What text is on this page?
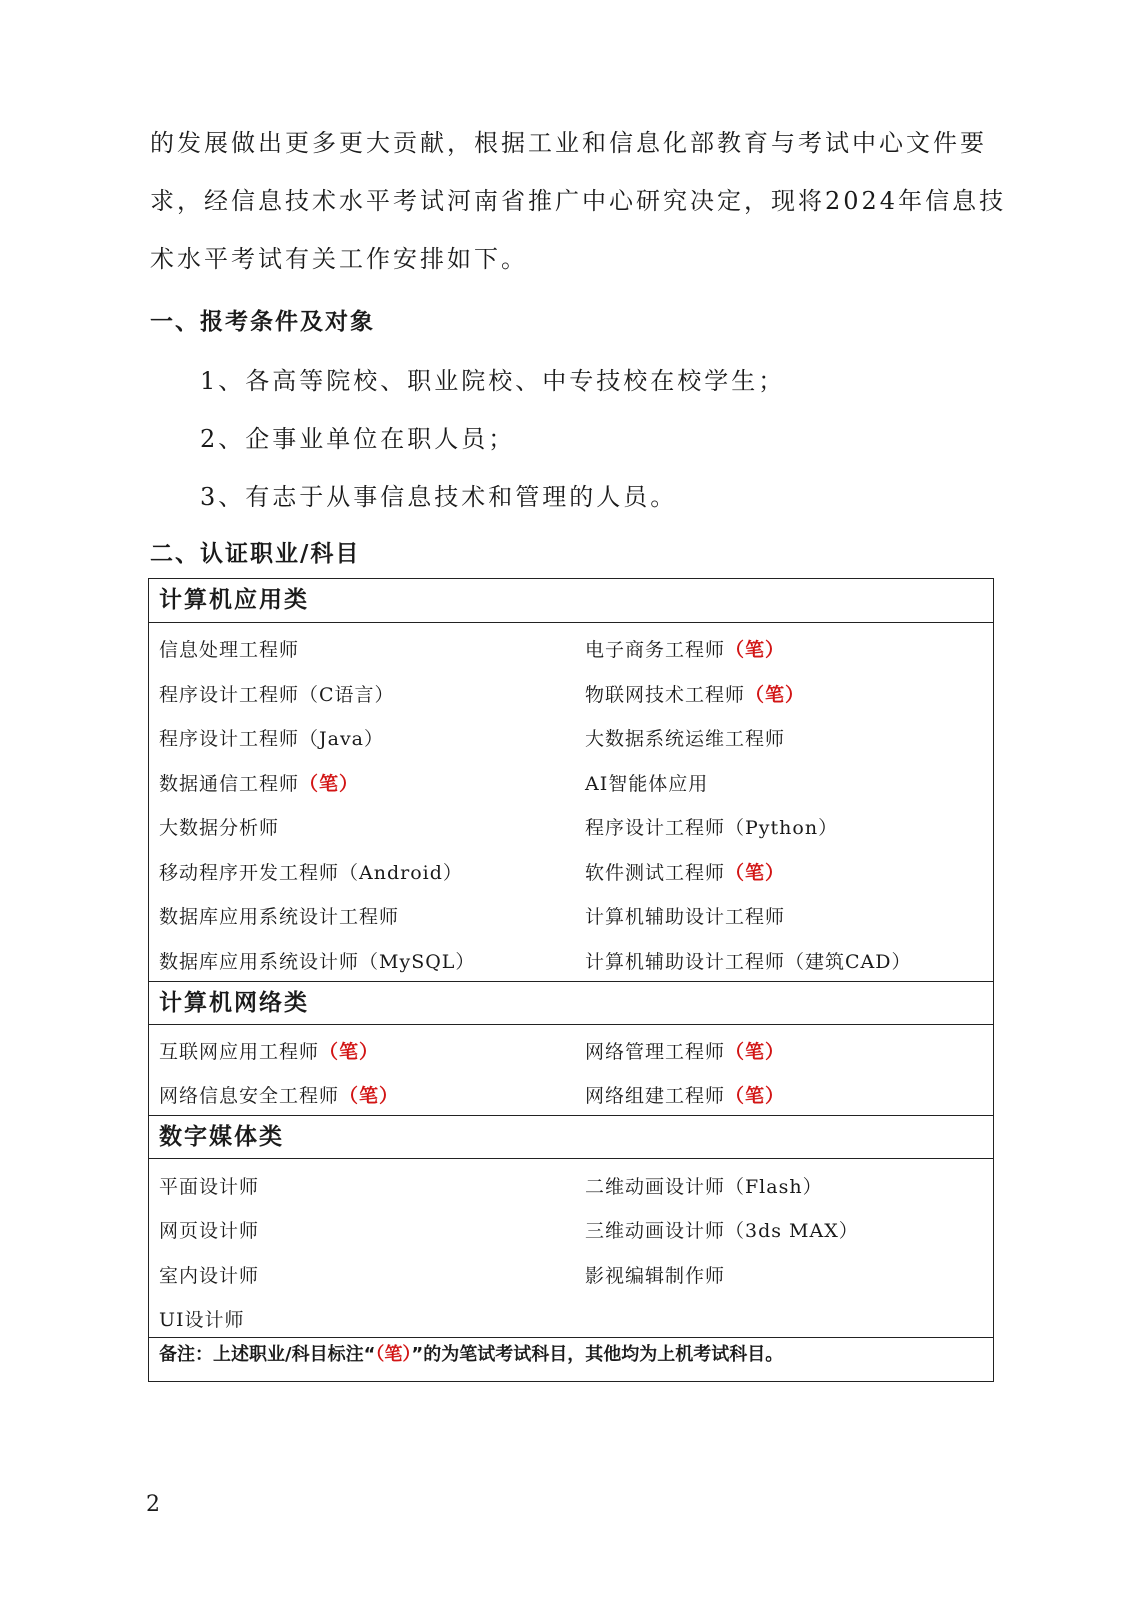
的发展做出更多更大贡献，根据工业和信息化部教育与考试中心文件要
求，经信息技术水平考试河南省推广中心研究决定，现将2024年信息技
术水平考试有关工作安排如下。
一、报考条件及对象
1、各高等院校、职业院校、中专技校在校学生；
2、企事业单位在职人员；
3、有志于从事信息技术和管理的人员。
二、认证职业/科目
计算机应用类
信息处理工程师	电子商务工程师（笔）
程序设计工程师（C语言）	物联网技术工程师（笔）
程序设计工程师（Java）	大数据系统运维工程师
数据通信工程师（笔）	AI智能体应用
大数据分析师	程序设计工程师（Python）
移动程序开发工程师（Android）	软件测试工程师（笔）
数据库应用系统设计工程师	计算机辅助设计工程师
数据库应用系统设计师（MySQL）	计算机辅助设计工程师（建筑CAD）
计算机网络类
互联网应用工程师（笔）	网络管理工程师（笔）
网络信息安全工程师（笔）	网络组建工程师（笔）
数字媒体类
平面设计师	二维动画设计师（Flash）
网页设计师	三维动画设计师（3ds MAX）
室内设计师	影视编辑制作师
UI设计师
备注：上述职业/科目标注“（笔）”的为笔试考试科目，其他均为上机考试科目。
2
